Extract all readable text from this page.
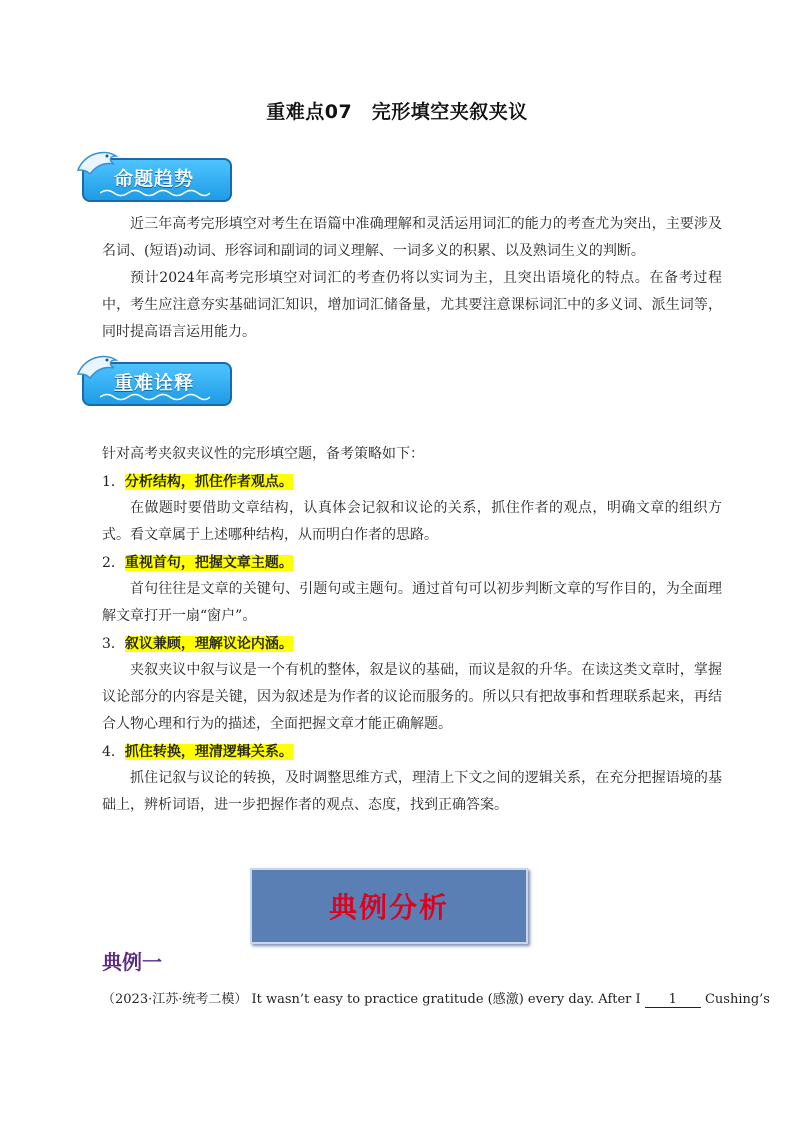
重难点07　完形填空夹叙夹议
命题趋势

近三年高考完形填空对考生在语篇中准确理解和灵活运用词汇的能力的考查尤为突出，主要涉及名词、(短语)动词、形容词和副词的词义理解、一词多义的积累、以及熟词生义的判断。

预计2024年高考完形填空对词汇的考查仍将以实词为主，且突出语境化的特点。在备考过程中，考生应注意夯实基础词汇知识，增加词汇储备量，尤其要注意课标词汇中的多义词、派生词等，同时提高语言运用能力。

重难诠释

针对高考夹叙夹议性的完形填空题，备考策略如下：

1．分析结构，抓住作者观点。

在做题时要借助文章结构，认真体会记叙和议论的关系，抓住作者的观点，明确文章的组织方式。看文章属于上述哪种结构，从而明白作者的思路。

2．重视首句，把握文章主题。

首句往往是文章的关键句、引题句或主题句。通过首句可以初步判断文章的写作目的，为全面理解文章打开一扇“窗户”。

3．叙议兼顾，理解议论内涵。

夹叙夹议中叙与议是一个有机的整体，叙是议的基础，而议是叙的升华。在读这类文章时，掌握议论部分的内容是关键，因为叙述是为作者的议论而服务的。所以只有把故事和哲理联系起来，再结合人物心理和行为的描述，全面把握文章才能正确解题。

4．抓住转换，理清逻辑关系。

抓住记叙与议论的转换，及时调整思维方式，理清上下文之间的逻辑关系，在充分把握语境的基础上，辨析词语，进一步把握作者的观点、态度，找到正确答案。

典例分析
典例一
（2023·江苏·统考二模） It wasn’t easy to practice gratitude (感激) every day. After I 1 Cushing’s
